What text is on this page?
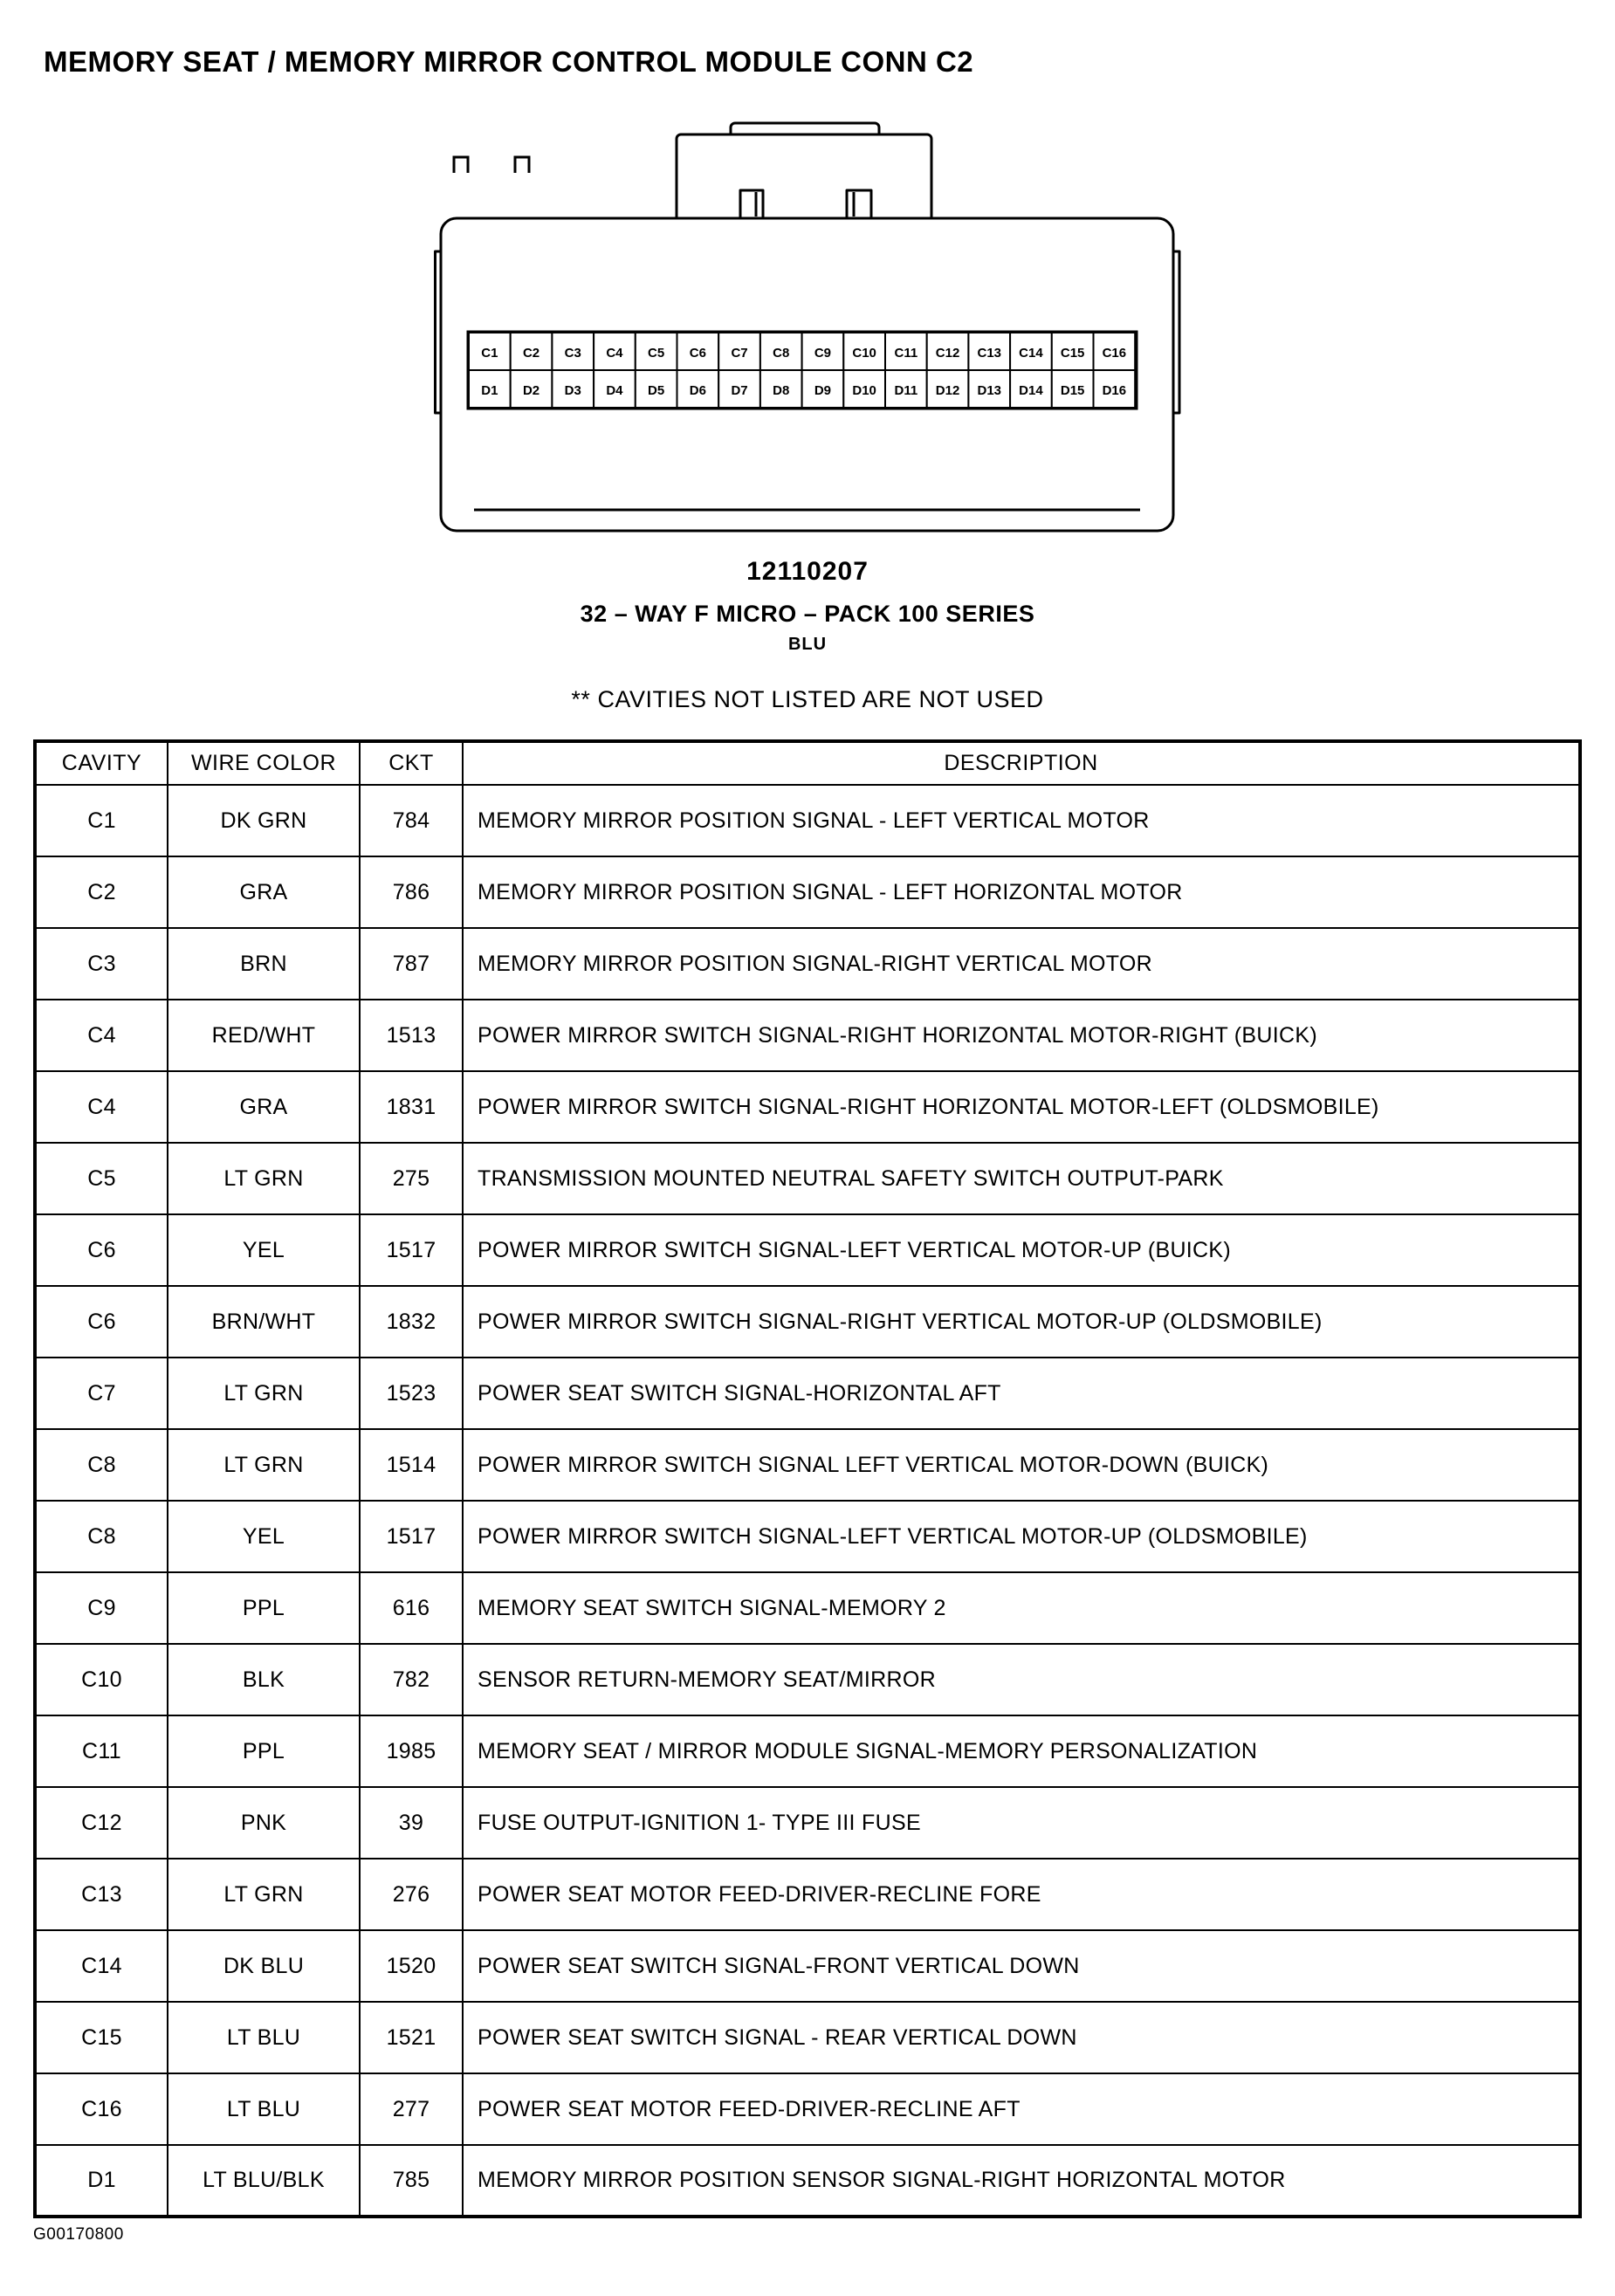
MEMORY SEAT / MEMORY MIRROR CONTROL MODULE CONN C2
C1 C2 C3 C4 C5 C6 C7 C8 C9 C10 C11 C12 C13 C14 C15 C16
D1 D2 D3 D4 D5 D6 D7 D8 D9 D10 D11 D12 D13 D14 D15 D16
12110207
32 – WAY F MICRO – PACK 100 SERIES
BLU
** CAVITIES NOT LISTED ARE NOT USED
CAVITY	WIRE COLOR	CKT	DESCRIPTION
C1	DK GRN	784	MEMORY MIRROR POSITION SIGNAL - LEFT VERTICAL MOTOR
C2	GRA	786	MEMORY MIRROR POSITION SIGNAL - LEFT HORIZONTAL MOTOR
C3	BRN	787	MEMORY MIRROR POSITION SIGNAL-RIGHT VERTICAL MOTOR
C4	RED/WHT	1513	POWER MIRROR SWITCH SIGNAL-RIGHT HORIZONTAL MOTOR-RIGHT (BUICK)
C4	GRA	1831	POWER MIRROR SWITCH SIGNAL-RIGHT HORIZONTAL MOTOR-LEFT (OLDSMOBILE)
C5	LT GRN	275	TRANSMISSION MOUNTED NEUTRAL SAFETY SWITCH OUTPUT-PARK
C6	YEL	1517	POWER MIRROR SWITCH SIGNAL-LEFT VERTICAL MOTOR-UP (BUICK)
C6	BRN/WHT	1832	POWER MIRROR SWITCH SIGNAL-RIGHT VERTICAL MOTOR-UP (OLDSMOBILE)
C7	LT GRN	1523	POWER SEAT SWITCH SIGNAL-HORIZONTAL AFT
C8	LT GRN	1514	POWER MIRROR SWITCH SIGNAL LEFT VERTICAL MOTOR-DOWN (BUICK)
C8	YEL	1517	POWER MIRROR SWITCH SIGNAL-LEFT VERTICAL MOTOR-UP (OLDSMOBILE)
C9	PPL	616	MEMORY SEAT SWITCH SIGNAL-MEMORY 2
C10	BLK	782	SENSOR RETURN-MEMORY SEAT/MIRROR
C11	PPL	1985	MEMORY SEAT / MIRROR MODULE SIGNAL-MEMORY PERSONALIZATION
C12	PNK	39	FUSE OUTPUT-IGNITION 1- TYPE III FUSE
C13	LT GRN	276	POWER SEAT MOTOR FEED-DRIVER-RECLINE FORE
C14	DK BLU	1520	POWER SEAT SWITCH SIGNAL-FRONT VERTICAL DOWN
C15	LT BLU	1521	POWER SEAT SWITCH SIGNAL - REAR VERTICAL DOWN
C16	LT BLU	277	POWER SEAT MOTOR FEED-DRIVER-RECLINE AFT
D1	LT BLU/BLK	785	MEMORY MIRROR POSITION SENSOR SIGNAL-RIGHT HORIZONTAL MOTOR
G00170800
